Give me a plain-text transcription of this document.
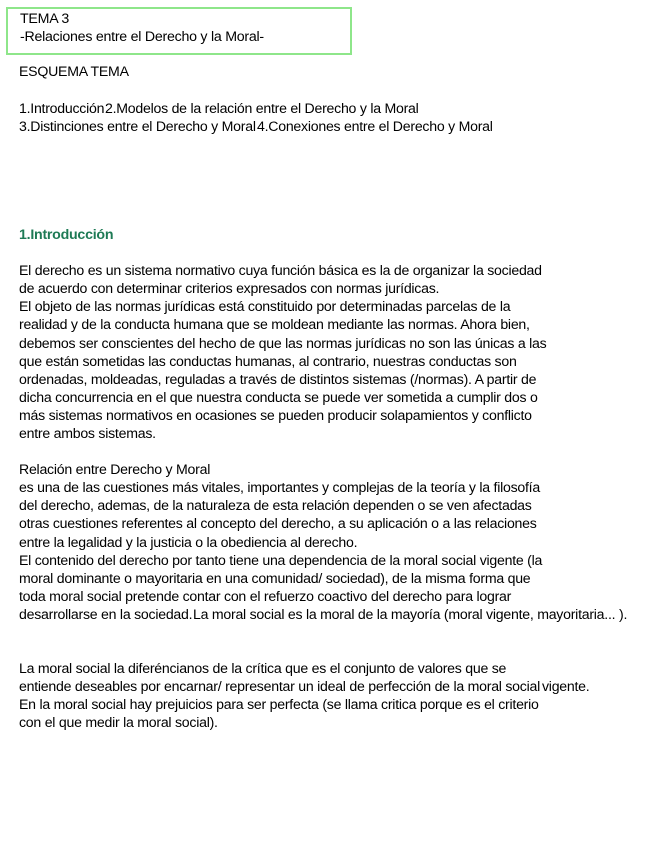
TEMA 3
-Relaciones entre el Derecho y la Moral-
ESQUEMA TEMA
1.Introducción2.Modelos de la relación entre el Derecho y la Moral3.Distinciones entre el Derecho y Moral4.Conexiones entre el Derecho y Moral
1.Introducción
El derecho es un sistema normativo cuya función básica es la de organizar la sociedadde acuerdo con determinar criterios expresados con normas jurídicas.El objeto de las normas jurídicas está constituido por determinadas parcelas de larealidad y de la conducta humana que se moldean mediante las normas. Ahora bien,debemos ser conscientes del hecho de que las normas jurídicas no son las únicas a lasque están sometidas las conductas humanas, al contrario, nuestras conductas sonordenadas, moldeadas, reguladas a través de distintos sistemas (/normas). A partir dedicha concurrencia en el que nuestra conducta se puede ver sometida a cumplir dos omás sistemas normativos en ocasiones se pueden producir solapamientos y conflictoentre ambos sistemas.
Relación entre Derecho y Morales una de las cuestiones más vitales, importantes y complejas de la teoría y la filosofíadel derecho, ademas, de la naturaleza de esta relación dependen o se ven afectadasotras cuestiones referentes al concepto del derecho, a su aplicación o a las relacionesentre la legalidad y la justicia o la obediencia al derecho.El contenido del derecho por tanto tiene una dependencia de la moral social vigente (lamoral dominante o mayoritaria en una comunidad/ sociedad), de la misma forma quetoda moral social pretende contar con el refuerzo coactivo del derecho para logrardesarrollarse en la sociedad.La moral social es la moral de la mayoría (moral vigente, mayoritaria... ).
La moral social la diferéncianos de la crítica que es el conjunto de valores que seentiende deseables por encarnar/ representar un ideal de perfección de la moral social vigente.En la moral social hay prejuicios para ser perfecta (se llama critica porque es el criteriocon el que medir la moral social).
